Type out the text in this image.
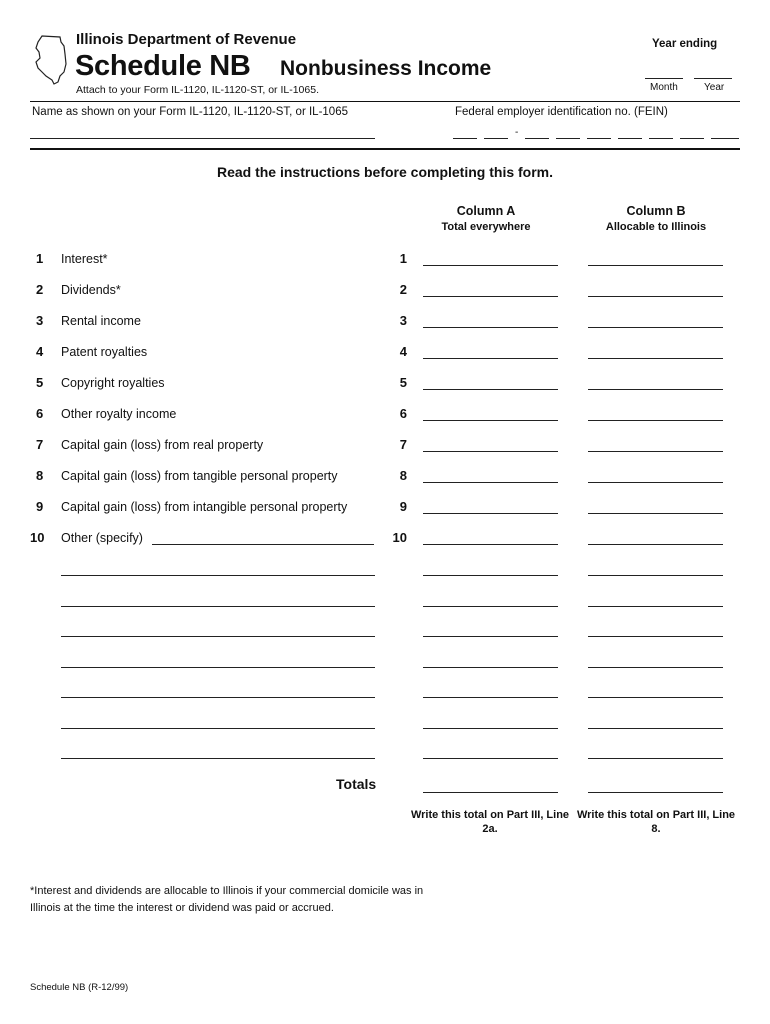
Illinois Department of Revenue
Schedule NB Nonbusiness Income
Attach to your Form IL-1120, IL-1120-ST, or IL-1065.
Year ending
Month	Year
Name as shown on your Form IL-1120, IL-1120-ST, or IL-1065	Federal employer identification no. (FEIN)
-
Read the instructions before completing this form.
Column A
Total everywhere
Column B
Allocable to Illinois
1 Interest*	1
2 Dividends*	2
3 Rental income	3
4 Patent royalties	4
5 Copyright royalties	5
6 Other royalty income	6
7 Capital gain (loss) from real property	7
8 Capital gain (loss) from tangible personal property	8
9 Capital gain (loss) from intangible personal property	9
10 Other (specify)	10
Totals
Write this total on Part III, Line 2a.
Write this total on Part III, Line 8.
*Interest and dividends are allocable to Illinois if your commercial domicile was in Illinois at the time the interest or dividend was paid or accrued.
Schedule NB (R-12/99)
